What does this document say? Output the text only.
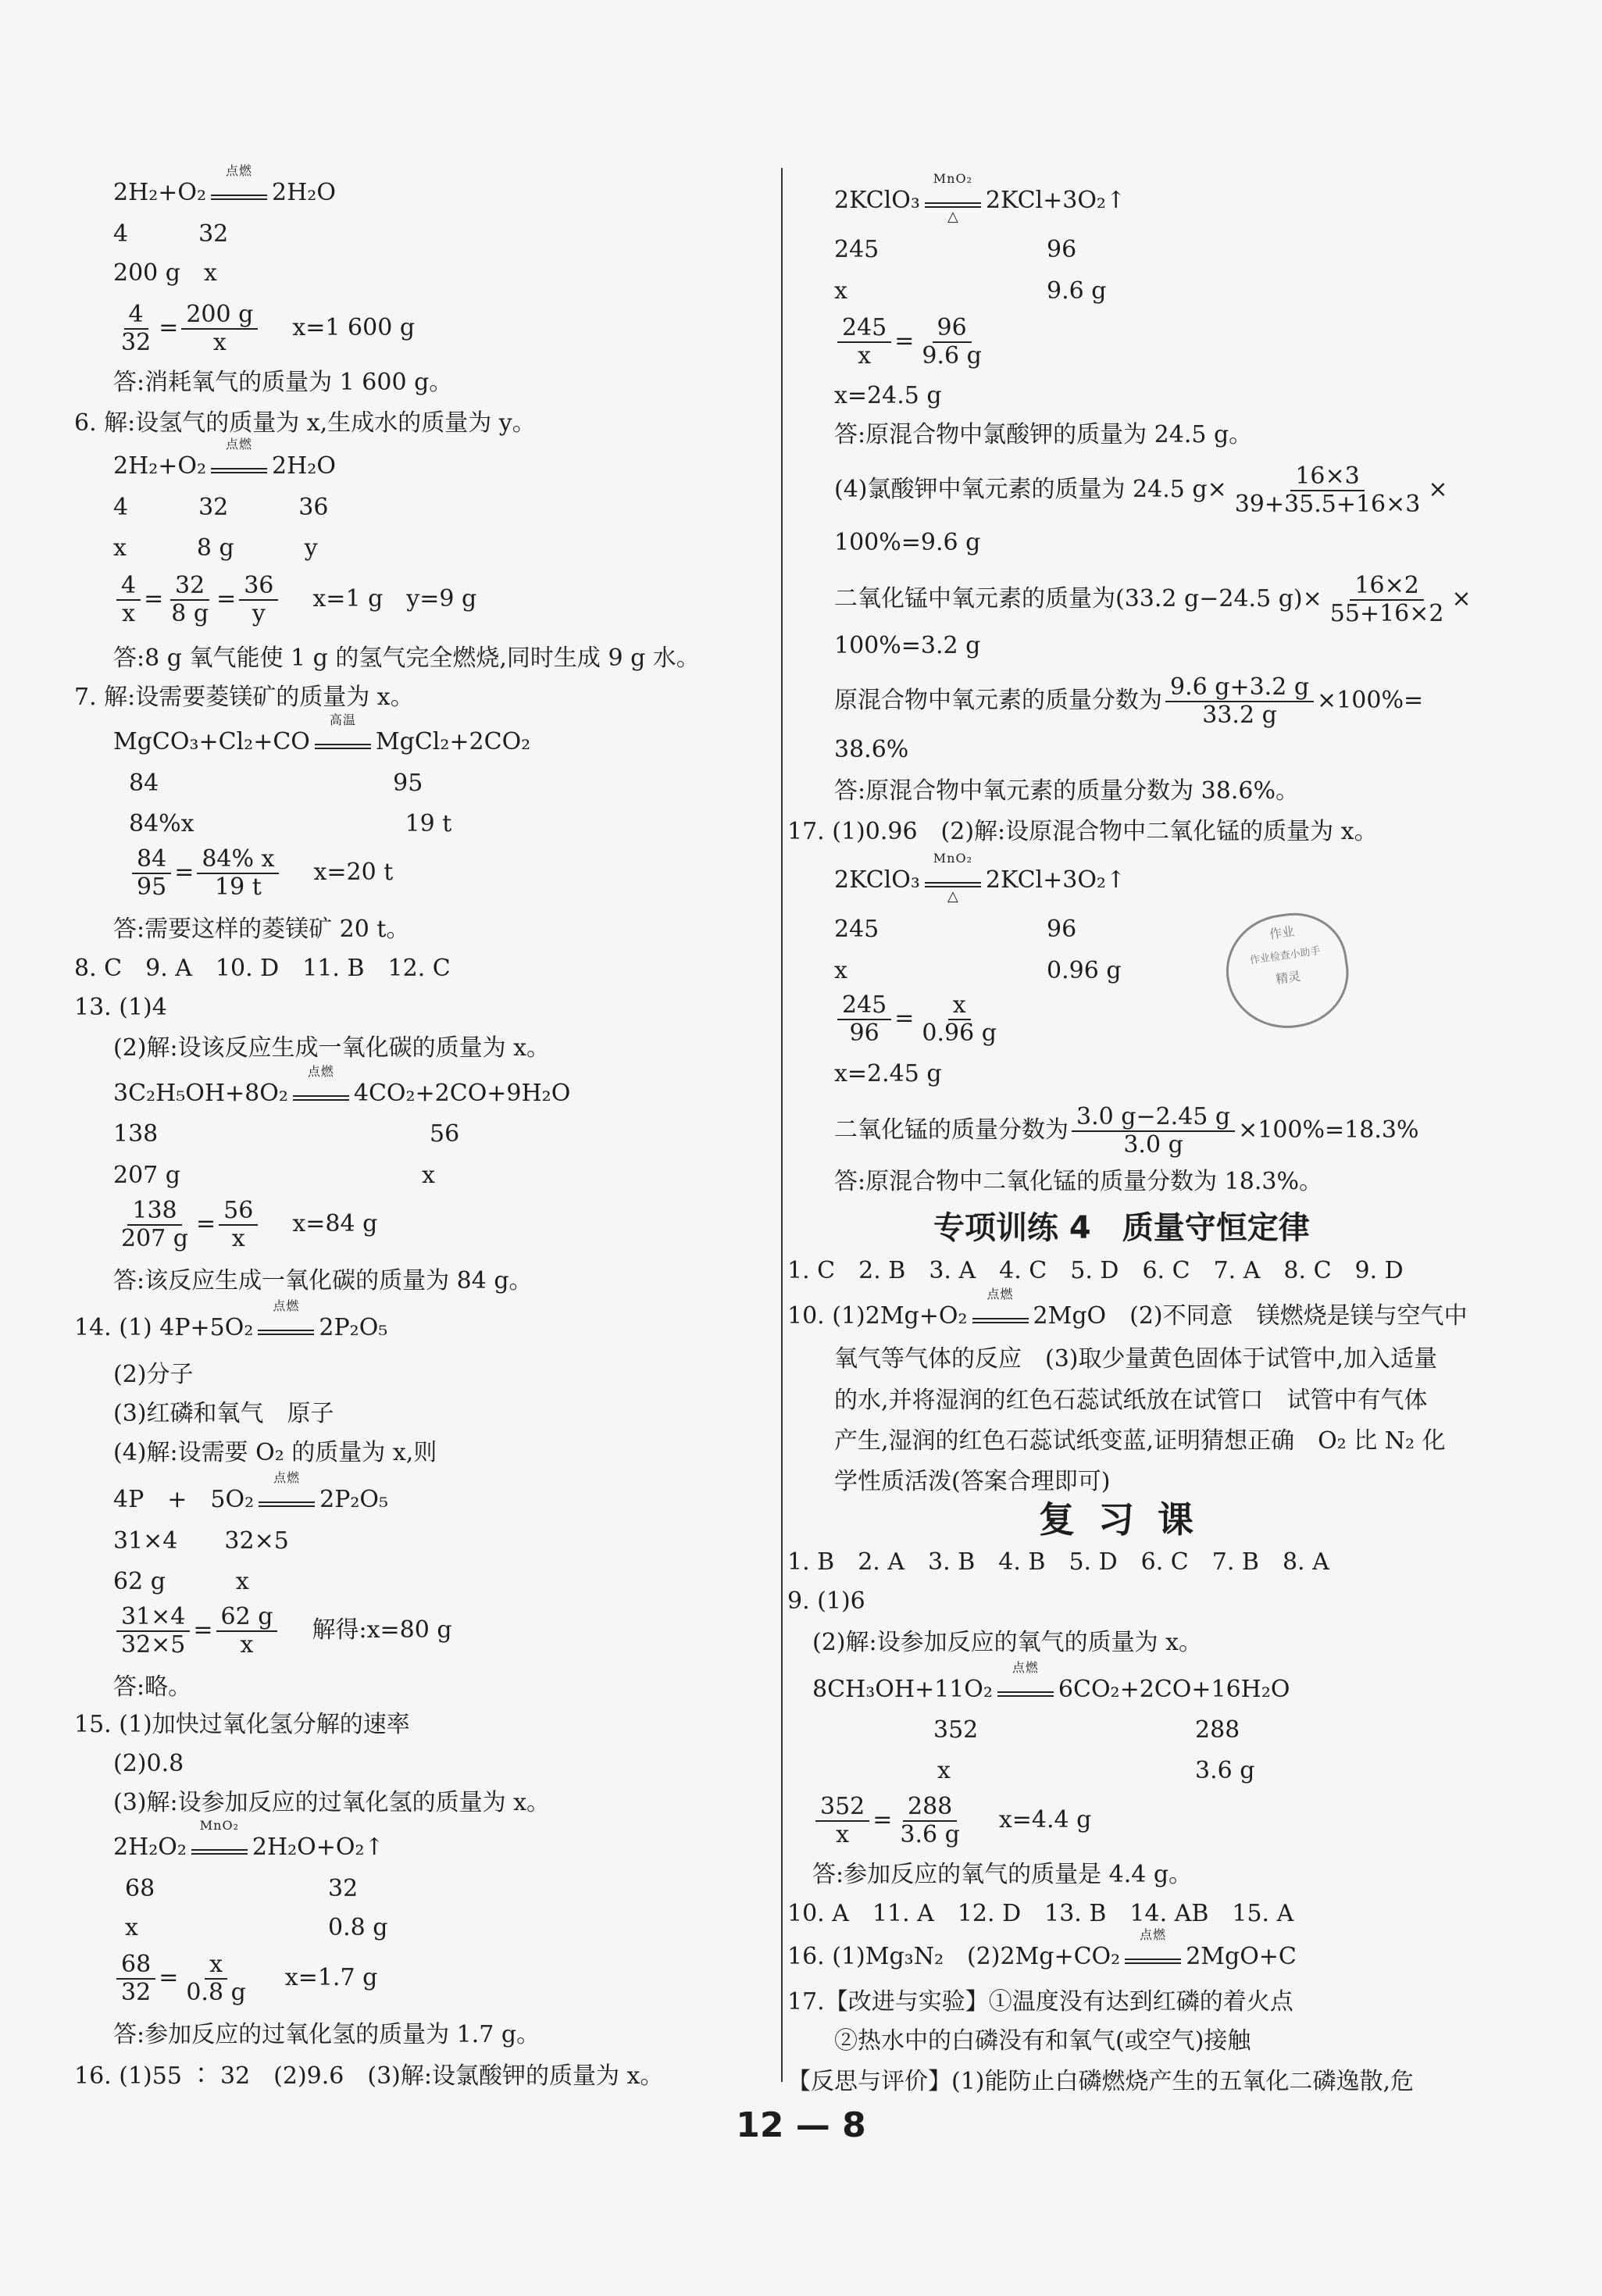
2H₂+O₂
点燃
2H₂O
4　　　32
200 g　x
$\frac{4}{32} = \frac{200 g}{x} x=1$ 600 g
答:消耗氧气的质量为 1 600 g。
6. 解:设氢气的质量为 x,生成水的质量为 y。
2H₂+O₂
点燃
2H₂O
4　　　32　　　36
x　　　8 g　　　y
$\frac{4}{x} = \frac{32}{8 g} = \frac{36}{y} x=1$ g　y=9 g
答:8 g 氧气能使 1 g 的氢气完全燃烧,同时生成 9 g 水。
7. 解:设需要菱镁矿的质量为 x。
MgCO₃+Cl₂+CO
高温
MgCl₂+2CO₂
84　　　　　　　　　　95
84%x　　　　　　　　　19 t
$\frac{84}{95} = \frac{84\% x}{19 t} x=20$ t
答:需要这样的菱镁矿 20 t。
8. C　9. A　10. D　11. B　12. C
13. (1)4
(2)解:设该反应生成一氧化碳的质量为 x。
3C₂H₅OH+8O₂
点燃
4CO₂+2CO+9H₂O
138	56
207 g	x
$\frac{138}{207 g} = \frac{56}{x} x=84$ g
答:该反应生成一氧化碳的质量为 84 g。
14. (1) 4P+5O₂
点燃
2P₂O₅
(2)分子
(3)红磷和氧气　原子
(4)解:设需要 O₂ 的质量为 x,则
4P　+　5O₂
点燃
2P₂O₅
31×4　　32×5
62 g　　　x
$\frac{31\times 4}{32\times 5} = \frac{62 g}{x}$ 解得:x=80 g
答:略。
15. (1)加快过氧化氢分解的速率
(2)0.8
(3)解:设参加反应的过氧化氢的质量为 x。
2H₂O₂
MnO₂
2H₂O+O₂↑
68	32
x	0.8 g
$\frac{68}{32} = \frac{x}{0.8 g} x=1.7$ g
答:参加反应的过氧化氢的质量为 1.7 g。
16. (1)55 ∶ 32　(2)9.6　(3)解:设氯酸钾的质量为 x。
2KClO₃
MnO₂
△
2KCl+3O₂↑
245	96
x	9.6 g
$\frac{245}{x} = \frac{96}{9.6 g}$
x=24.5 g
答:原混合物中氯酸钾的质量为 24.5 g。
(4)氯酸钾中氧元素的质量为 24.5 $g\times \frac{16\times 3}{39+35.5+16\times 3}$ ×
100%=9.6 g
二氧化锰中氧元素的质量为(33.2 g−24.5 $g)\times \frac{16\times 2}{55+16\times 2}$ ×
100%=3.2 g
原混合物中氧元素的质量分数为 $\frac{9.6 g+3.2 g}{33.2 g} \times 100\%=$
38.6%
答:原混合物中氧元素的质量分数为 38.6%。
17. (1)0.96　(2)解:设原混合物中二氧化锰的质量为 x。
2KClO₃
MnO₂
△
2KCl+3O₂↑
245	96
x	0.96 g
$\frac{245}{96} = \frac{x}{0.96 g}$
x=2.45 g
二氧化锰的质量分数为 $\frac{3.0 g-2.45 g}{3.0 g} \times 100\%=18.3\%$
答:原混合物中二氧化锰的质量分数为 18.3%。
专项训练 4　质量守恒定律
1. C　2. B　3. A　4. C　5. D　6. C　7. A　8. C　9. D
10. (1)2Mg+O₂
点燃
2MgO　(2)不同意　镁燃烧是镁与空气中
氧气等气体的反应　(3)取少量黄色固体于试管中,加入适量
的水,并将湿润的红色石蕊试纸放在试管口　试管中有气体
产生,湿润的红色石蕊试纸变蓝,证明猜想正确　O₂ 比 N₂ 化
学性质活泼(答案合理即可)
复习课
1. B　2. A　3. B　4. B　5. D　6. C　7. B　8. A
9. (1)6
(2)解:设参加反应的氧气的质量为 x。
8CH₃OH+11O₂
点燃
6CO₂+2CO+16H₂O
352	288
x	3.6 g
$\frac{352}{x} = \frac{288}{3.6 g} x=4.4$ g
答:参加反应的氧气的质量是 4.4 g。
10. A　11. A　12. D　13. B　14. AB　15. A
16. (1)Mg₃N₂　(2)2Mg+CO₂
点燃
2MgO+C
17.【改进与实验】①温度没有达到红磷的着火点
②热水中的白磷没有和氧气(或空气)接触
【反思与评价】(1)能防止白磷燃烧产生的五氧化二磷逸散,危
作业
作业检查小助手
精灵
12 — 8
